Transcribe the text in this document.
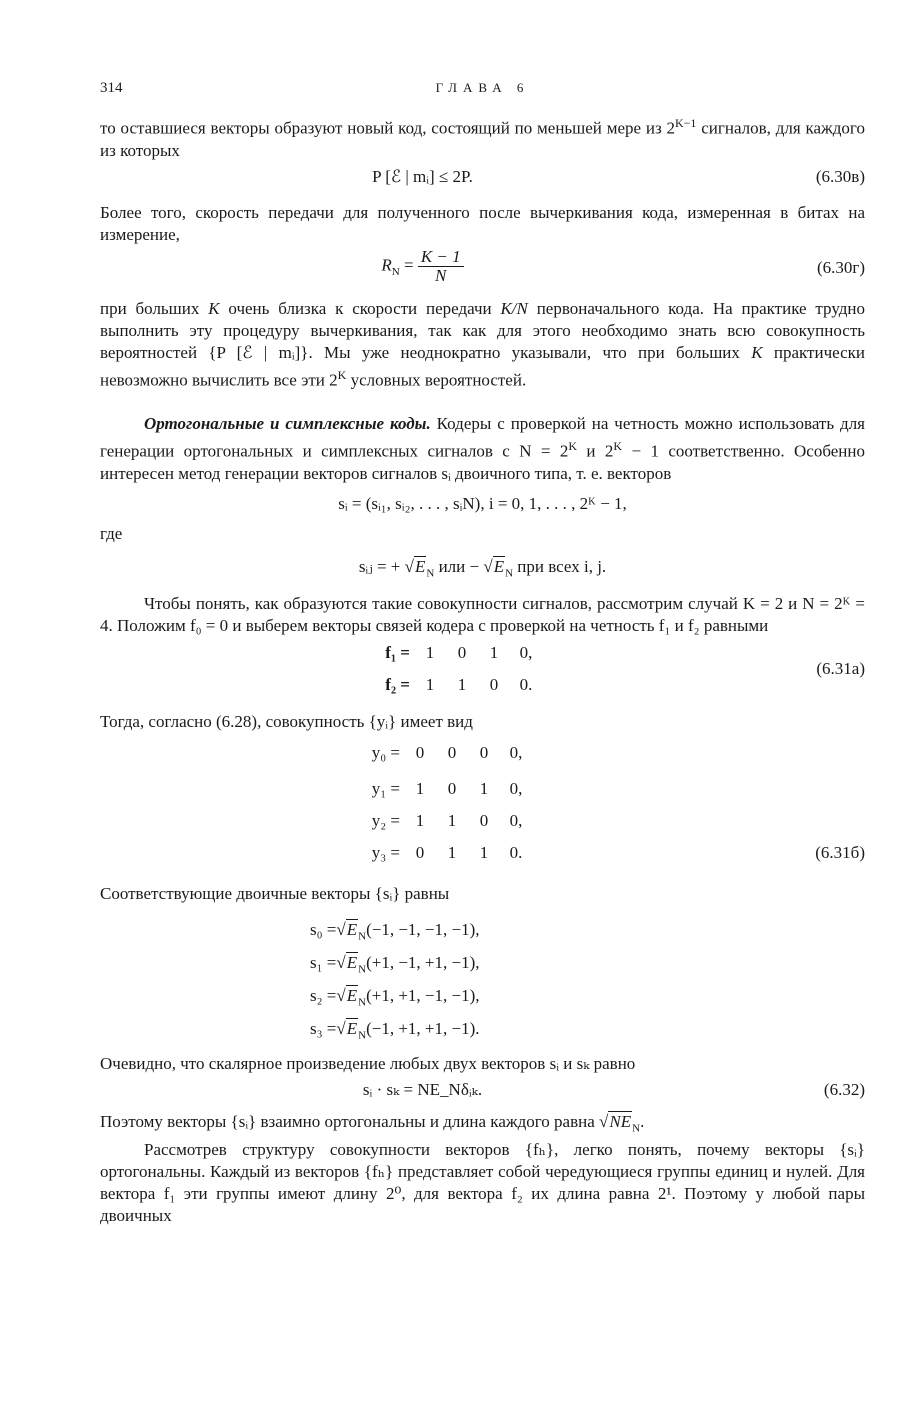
314	ГЛАВА 6

то оставшиеся векторы образуют новый код, состоящий по меньшей мере из $2^{K-1}$ сигналов, для каждого из которых

P [ℰ | mᵢ] ≤ 2P.	(6.30в)

Более того, скорость передачи для полученного после вычеркивания кода, измеренная в битах на измерение,

$R_N = \frac{K - 1}{N}$	(6.30г)

при больших K очень близка к скорости передачи K/N первоначального кода. На практике трудно выполнить эту процедуру вычеркивания, так как для этого необходимо знать всю совокупность вероятностей {P [ℰ | mᵢ]}. Мы уже неоднократно указывали, что при больших K практически невозможно вычислить все эти $2^K$ условных вероятностей.

Ортогональные и симплексные коды. Кодеры с проверкой на четность можно использовать для генерации ортогональных и симплексных сигналов с $N = 2^K$ и $2^K - 1$ соответственно. Особенно интересен метод генерации векторов сигналов sᵢ двоичного типа, т. е. векторов

sᵢ = (sᵢ₁, sᵢ₂, . . . , sᵢN), i = 0, 1, . . . , 2ᴷ − 1,

где

sᵢⱼ = + $√E_N$ или − $√E_N$ при всех i, j.

Чтобы понять, как образуются такие совокупности сигналов, рассмотрим случай K = 2 и N = 2ᴷ = 4. Положим f₀ = 0 и выберем векторы связей кодера с проверкой на четность f₁ и f₂ равными

f₁ = 1 0 1 0,
f₂ = 1 1 0 0.
(6.31а)

Тогда, согласно (6.28), совокупность {yᵢ} имеет вид

y₀ = 0 0 0 0,
y₁ = 1 0 1 0,
y₂ = 1 1 0 0,
y₃ = 0 1 1 0.	(6.31б)

Соответствующие двоичные векторы {sᵢ} равны

$s_0 =√E_N(-1$, −1, −1, −1),
$s_1 =√E_N(+1$, −1, +1, −1),
$s_2 =√E_N(+1$, +1, −1, −1),
$s_3 =√E_N(-1$, +1, +1, −1).

Очевидно, что скалярное произведение любых двух векторов sᵢ и sₖ равно

sᵢ · sₖ = NE_Nδᵢₖ.	(6.32)

Поэтому векторы {sᵢ} взаимно ортогональны и длина каждого равна $√NE_N$.

Рассмотрев структуру совокупности векторов {fₕ}, легко понять, почему векторы {sᵢ} ортогональны. Каждый из векторов {fₕ} представляет собой чередующиеся группы единиц и нулей. Для вектора f₁ эти группы имеют длину 2⁰, для вектора f₂ их длина равна 2¹. Поэтому у любой пары двоичных
